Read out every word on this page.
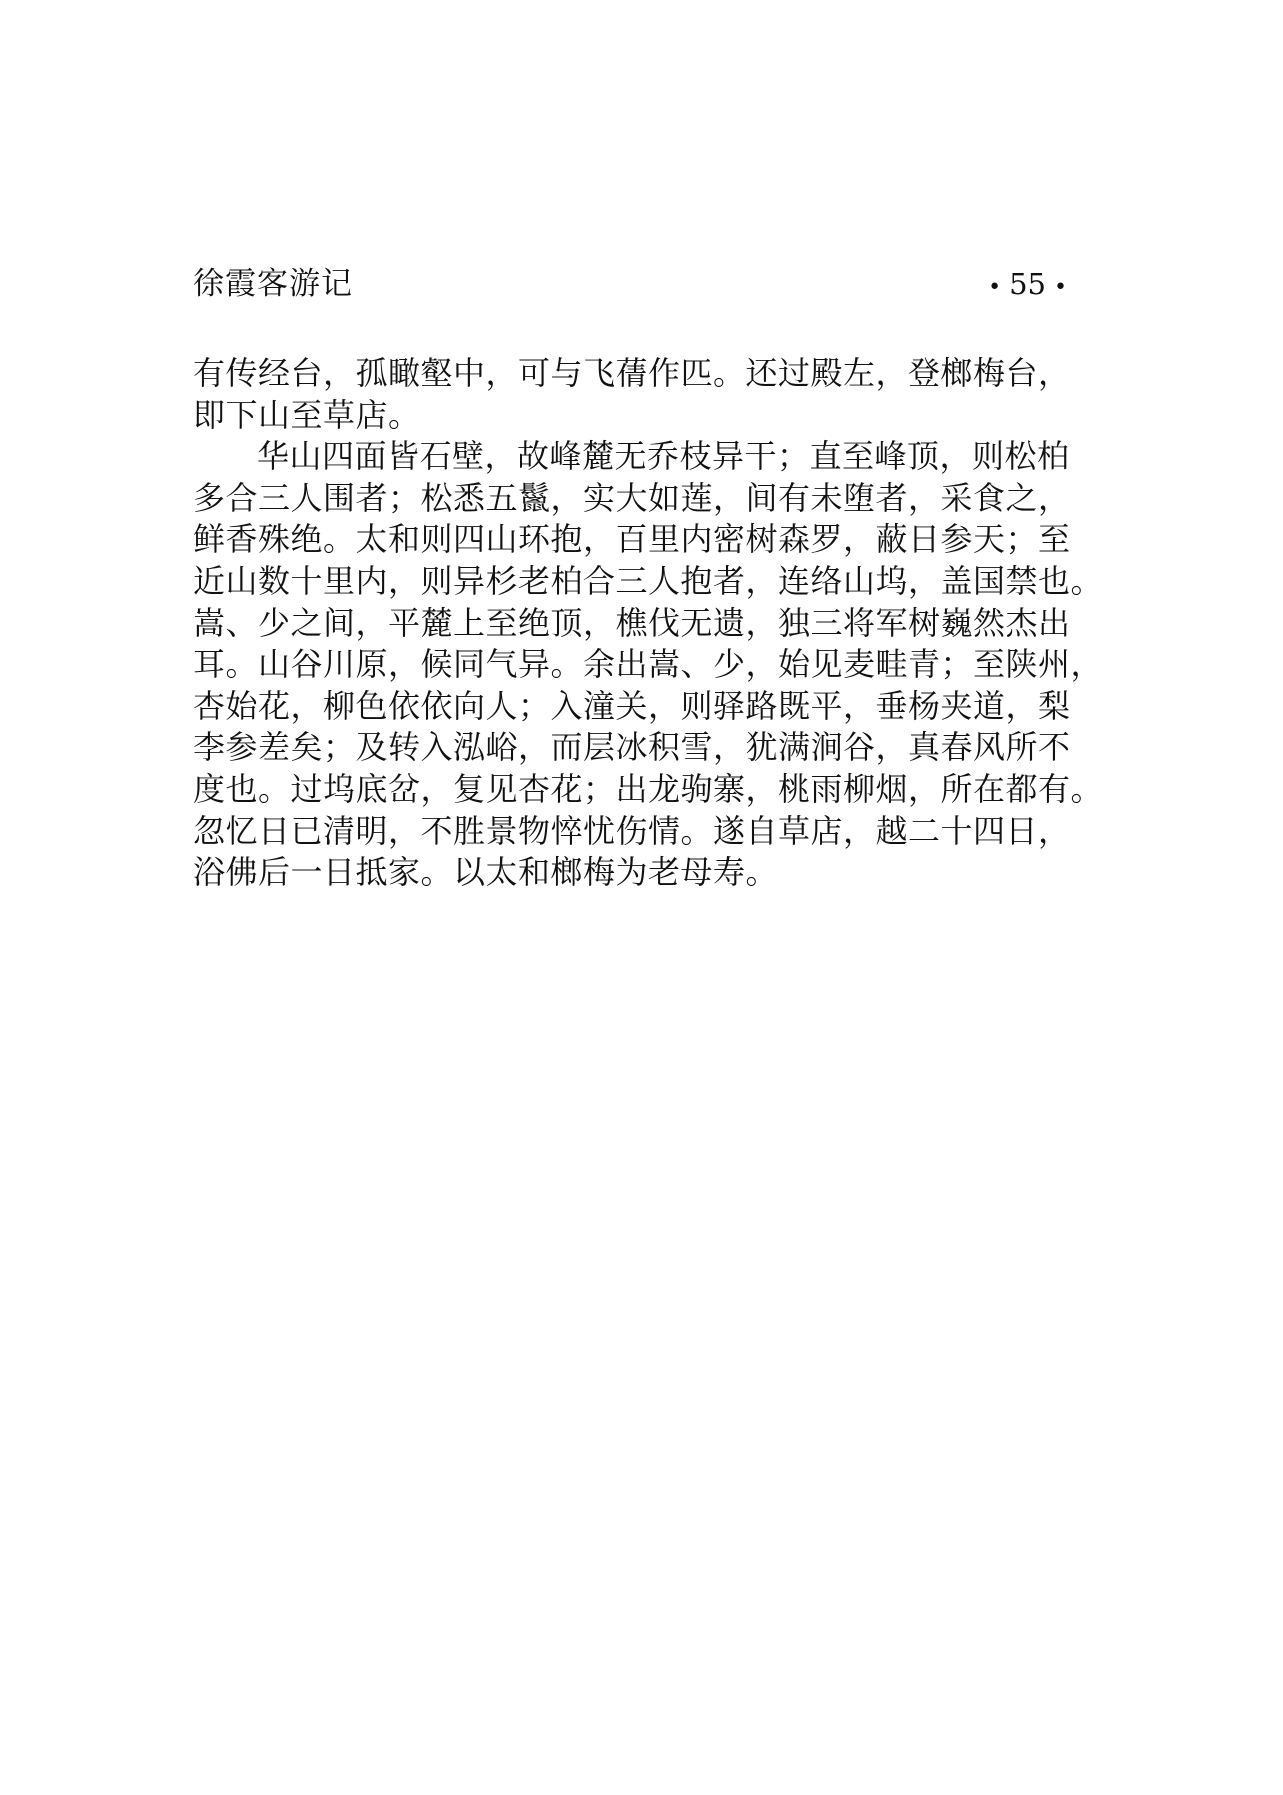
徐霞客游记	• 55 •
有传经台，孤瞰壑中，可与飞蒨作匹。还过殿左，登榔梅台，
即下山至草店。
华山四面皆石壁，故峰麓无乔枝异干；直至峰顶，则松柏
多合三人围者；松悉五鬣，实大如莲，间有未堕者，采食之，
鲜香殊绝。太和则四山环抱，百里内密树森罗，蔽日参天；至
近山数十里内，则异杉老柏合三人抱者，连络山坞，盖国禁也。
嵩、少之间，平麓上至绝顶，樵伐无遗，独三将军树巍然杰出
耳。山谷川原，候同气异。余出嵩、少，始见麦畦青；至陕州，
杏始花，柳色依依向人；入潼关，则驿路既平，垂杨夹道，梨
李参差矣；及转入泓峪，而层冰积雪，犹满涧谷，真春风所不
度也。过坞底岔，复见杏花；出龙驹寨，桃雨柳烟，所在都有。
忽忆日已清明，不胜景物悴忧伤情。遂自草店，越二十四日，
浴佛后一日抵家。以太和榔梅为老母寿。
